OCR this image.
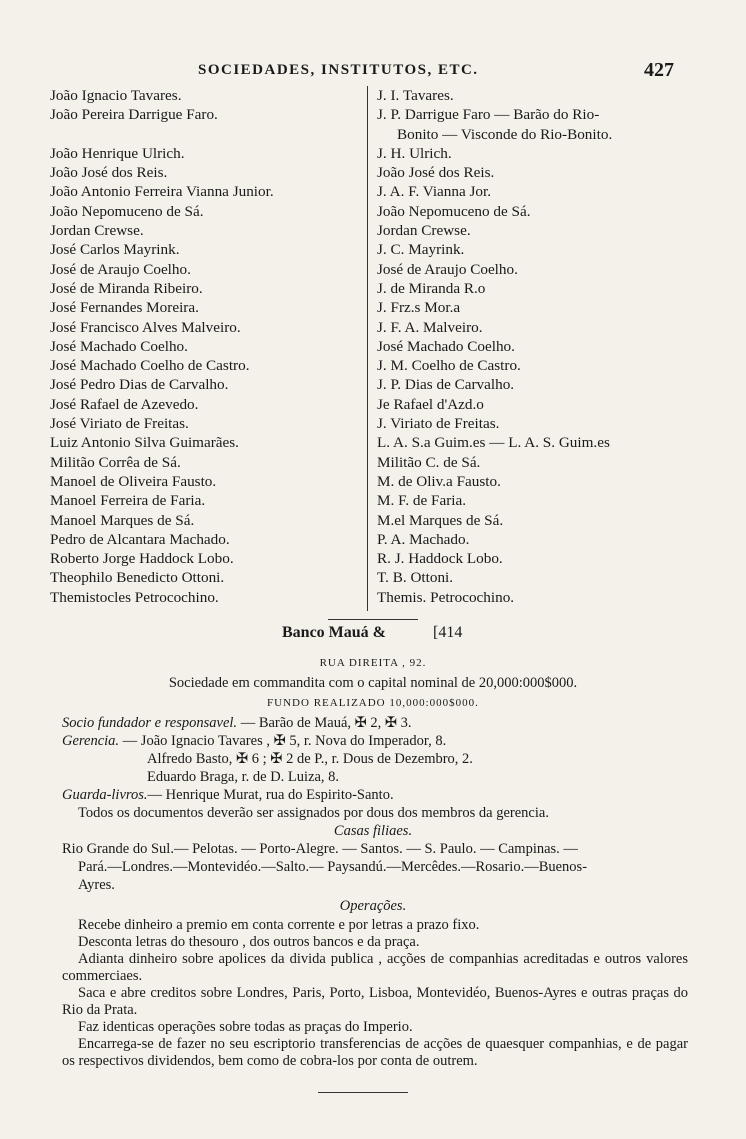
SOCIEDADES, INSTITUTOS, ETC.	427
João Ignacio Tavares.
João Pereira Darrigue Faro.
João Henrique Ulrich.
João José dos Reis.
João Antonio Ferreira Vianna Junior.
João Nepomuceno de Sá.
Jordan Crewse.
José Carlos Mayrink.
José de Araujo Coelho.
José de Miranda Ribeiro.
José Fernandes Moreira.
José Francisco Alves Malveiro.
José Machado Coelho.
José Machado Coelho de Castro.
José Pedro Dias de Carvalho.
José Rafael de Azevedo.
José Viriato de Freitas.
Luiz Antonio Silva Guimarães.
Militão Corrêa de Sá.
Manoel de Oliveira Fausto.
Manoel Ferreira de Faria.
Manoel Marques de Sá.
Pedro de Alcantara Machado.
Roberto Jorge Haddock Lobo.
Theophilo Benedicto Ottoni.
Themistocles Petrocochino.
J. I. Tavares.
J. P. Darrigue Faro — Barão do Rio-
Bonito — Visconde do Rio-Bonito.
J. H. Ulrich.
João José dos Reis.
J. A. F. Vianna Jor.
João Nepomuceno de Sá.
Jordan Crewse.
J. C. Mayrink.
José de Araujo Coelho.
J. de Miranda R.o
J. Frz.s Mor.a
J. F. A. Malveiro.
José Machado Coelho.
J. M. Coelho de Castro.
J. P. Dias de Carvalho.
Je Rafael d'Azd.o
J. Viriato de Freitas.
L. A. S.a Guim.es — L. A. S. Guim.es
Militão C. de Sá.
M. de Oliv.a Fausto.
M. F. de Faria.
M.el Marques de Sá.
P. A. Machado.
R. J. Haddock Lobo.
T. B. Ottoni.
Themis. Petrocochino.
Banco Mauá &	[414
RUA DIREITA , 92.
Sociedade em commandita com o capital nominal de 20,000:000$000.
FUNDO REALIZADO 10,000:000$000.
Socio fundador e responsavel. — Barão de Mauá, ✠ 2, ✠ 3.
Gerencia. — João Ignacio Tavares , ✠ 5, r. Nova do Imperador, 8.
Alfredo Basto, ✠ 6 ; ✠ 2 de P., r. Dous de Dezembro, 2.
Eduardo Braga, r. de D. Luiza, 8.
Guarda-livros.— Henrique Murat, rua do Espirito-Santo.
Todos os documentos deverão ser assignados por dous dos membros da gerencia.
Casas filiaes.
Rio Grande do Sul.— Pelotas. — Porto-Alegre. — Santos. — S. Paulo. — Campinas. —
Pará.—Londres.—Montevidéo.—Salto.— Paysandú.—Mercêdes.—Rosario.—Buenos-
Ayres.
Operações.

Recebe dinheiro a premio em conta corrente e por letras a prazo fixo.

Desconta letras do thesouro , dos outros bancos e da praça.

Adianta dinheiro sobre apolices da divida publica , acções de companhias acreditadas e outros valores commerciaes.

Saca e abre creditos sobre Londres, Paris, Porto, Lisboa, Montevidéo, Buenos-Ayres e outras praças do Rio da Prata.

Faz identicas operações sobre todas as praças do Imperio.

Encarrega-se de fazer no seu escriptorio transferencias de acções de quaesquer companhias, e de pagar os respectivos dividendos, bem como de cobra-los por conta de outrem.
